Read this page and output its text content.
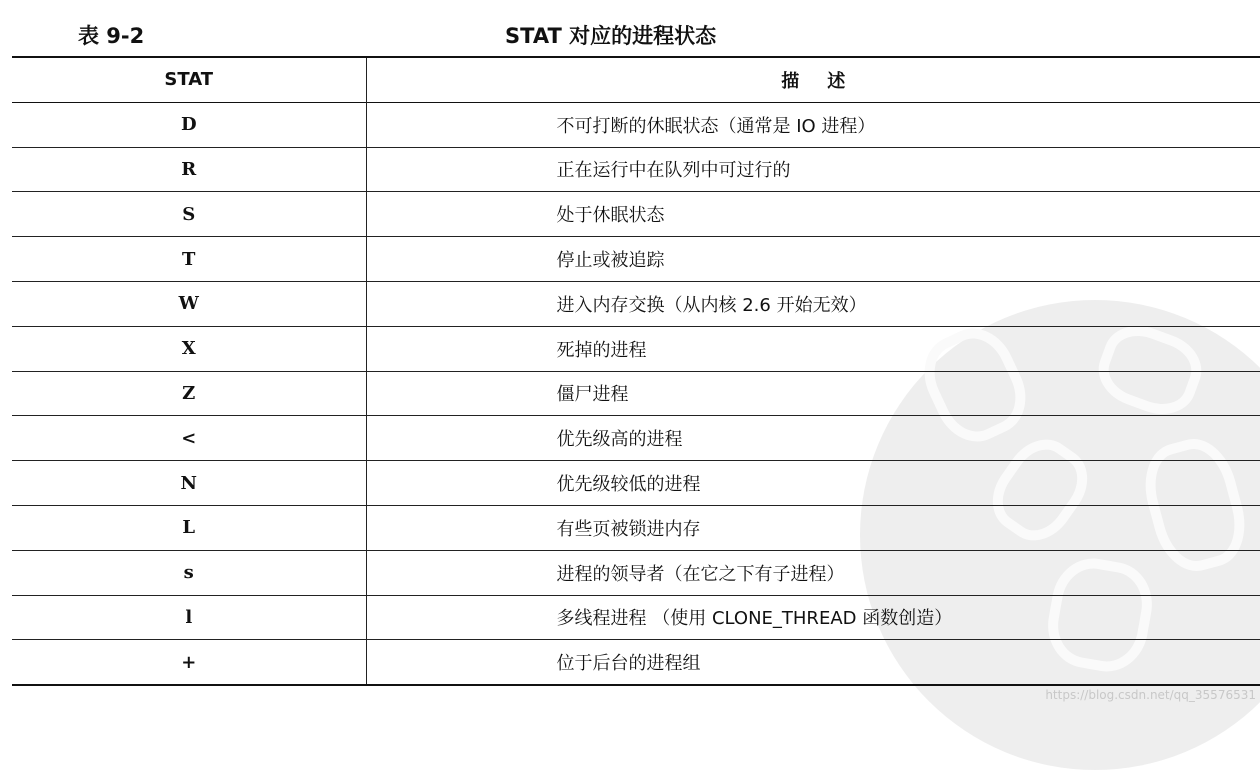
表 9-2	STAT 对应的进程状态
STAT	描述
D	不可打断的休眠状态（通常是 IO 进程）
R	正在运行中在队列中可过行的
S	处于休眠状态
T	停止或被追踪
W	进入内存交换（从内核 2.6 开始无效）
X	死掉的进程
Z	僵尸进程
<	优先级高的进程
N	优先级较低的进程
L	有些页被锁进内存
s	进程的领导者（在它之下有子进程）
l	多线程进程 （使用 CLONE_THREAD 函数创造）
+	位于后台的进程组
https://blog.csdn.net/qq_35576531
